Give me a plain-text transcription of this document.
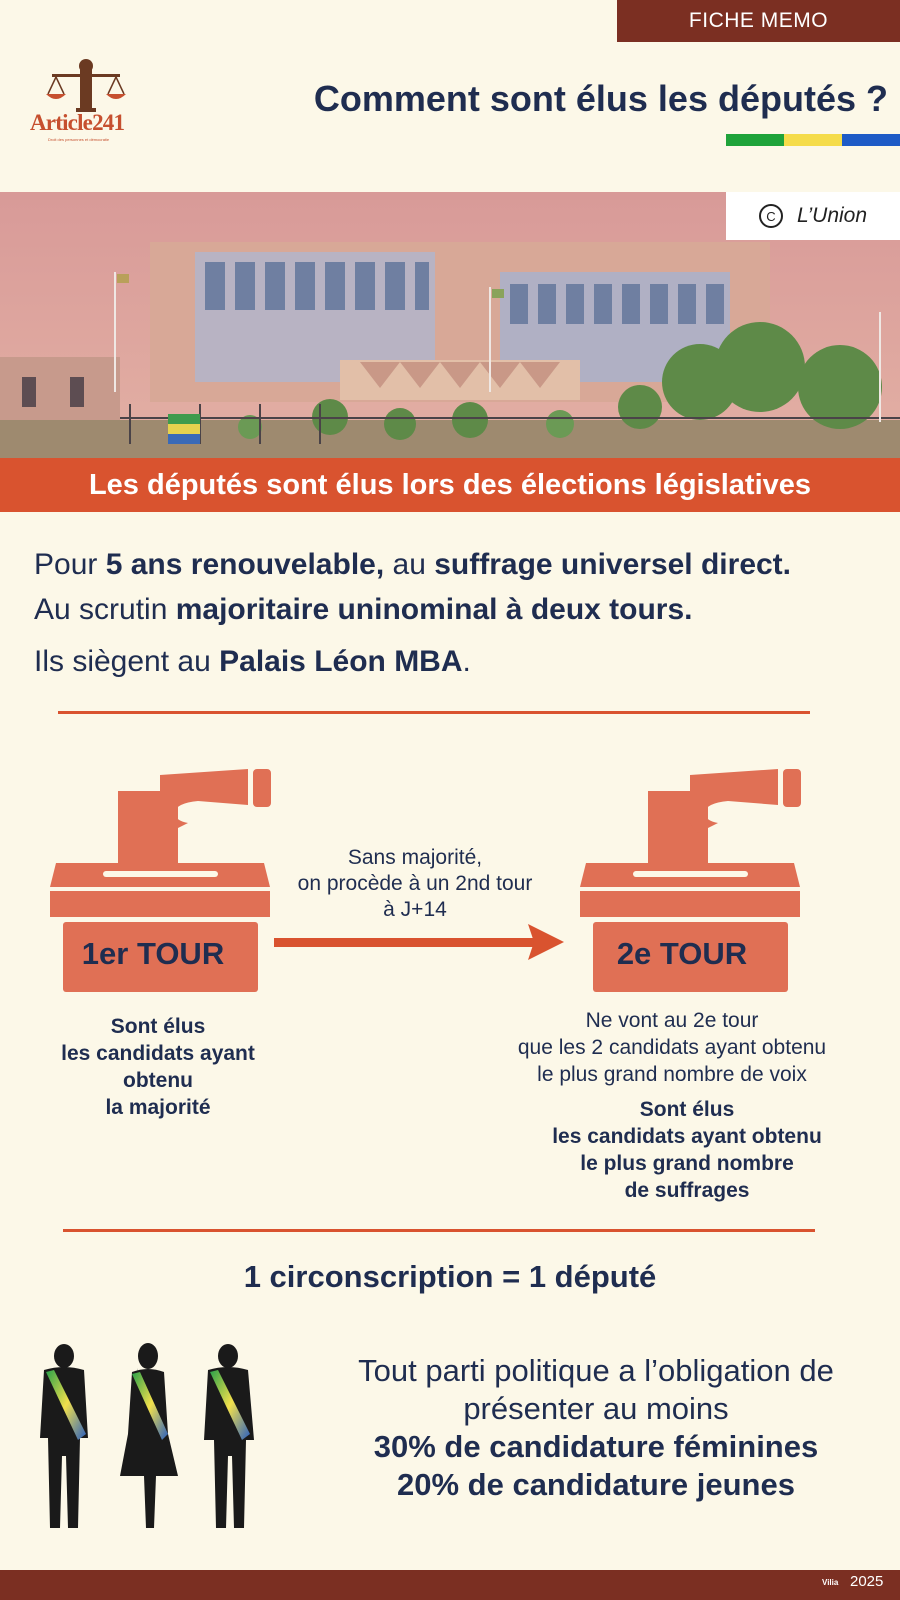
FICHE MEMO
Article241
Droit des personnes et démocratie
Comment sont élus les députés ?
C	L’Union
Les députés sont élus lors des élections législatives
Pour 5 ans renouvelable, au suffrage universel direct.
Au scrutin majoritaire uninominal à deux tours.
Ils siègent au Palais Léon MBA.
1er TOUR	2e TOUR
Sans majorité,
on procède à un 2nd tour
à J+14
Sont élus
les candidats ayant
obtenu
la majorité
Ne vont au 2e tour
que les 2 candidats ayant obtenu
le plus grand nombre de voix
Sont élus
les candidats ayant obtenu
le plus grand nombre
de suffrages
1 circonscription = 1 député
Tout parti politique a l’obligation de
présenter au moins
30% de candidature féminines
20% de candidature jeunes
Vilia 2025
